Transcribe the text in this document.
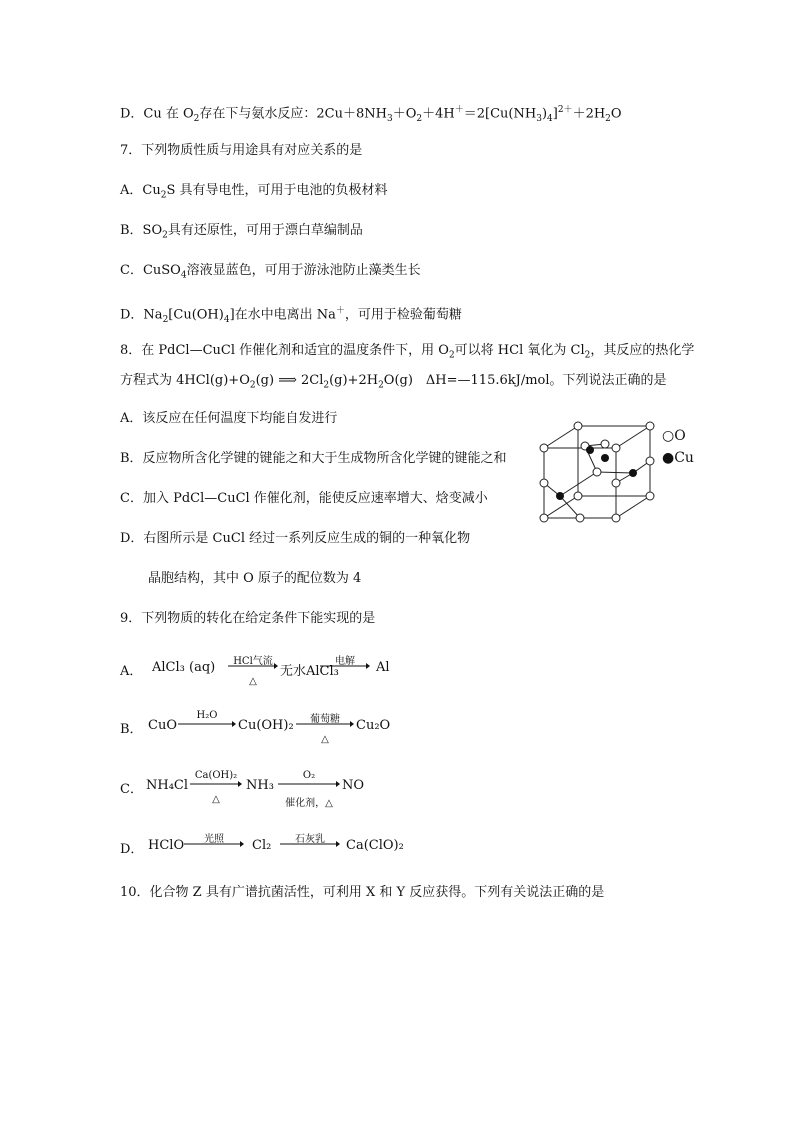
D．Cu 在 $O_2$存在下与氨水反应：$2Cu+8NH_3+O_2+4H^+=2[Cu(NH_3)_4]^{2+}+2H_2O$
7．下列物质性质与用途具有对应关系的是
A．$Cu_2S$ 具有导电性，可用于电池的负极材料
B．$SO_2$具有还原性，可用于漂白草编制品
C．CuSO$_4$溶液显蓝色，可用于游泳池防止藻类生长
D．$Na_2[Cu(OH)_4]$在水中电离出 Na＋，可用于检验葡萄糖
8．在 PdCl—CuCl 作催化剂和适宜的温度条件下，用 $O_2$可以将 HCl 氧化为 $Cl_2$，其反应的热化学
方程式为 $4HCl(g)+O_2(g)$ ⟹ $2Cl_2(g)+2H_2O(g)$　ΔH=—115.6kJ/mol。下列说法正确的是
A．该反应在任何温度下均能自发进行
B．反应物所含化学键的键能之和大于生成物所含化学键的键能之和
C．加入 PdCl—CuCl 作催化剂，能使反应速率增大、焓变减小
D．右图所示是 CuCl 经过一系列反应生成的铜的一种氧化物
晶胞结构，其中 O 原子的配位数为 4
○O
●Cu
9．下列物质的转化在给定条件下能实现的是
A． AlCl₃ (aq)	HCl气流
△
无水AlCl₃
电解	Al
B． CuO
H₂O
Cu(OH)₂	葡萄糖
△
Cu₂O
C． NH₄Cl
Ca(OH)₂
△
NH₃
O₂
催化剂，△
NO
D． HClO	光照	Cl₂	石灰乳	Ca(ClO)₂
10．化合物 Z 具有广谱抗菌活性，可利用 X 和 Y 反应获得。下列有关说法正确的是
